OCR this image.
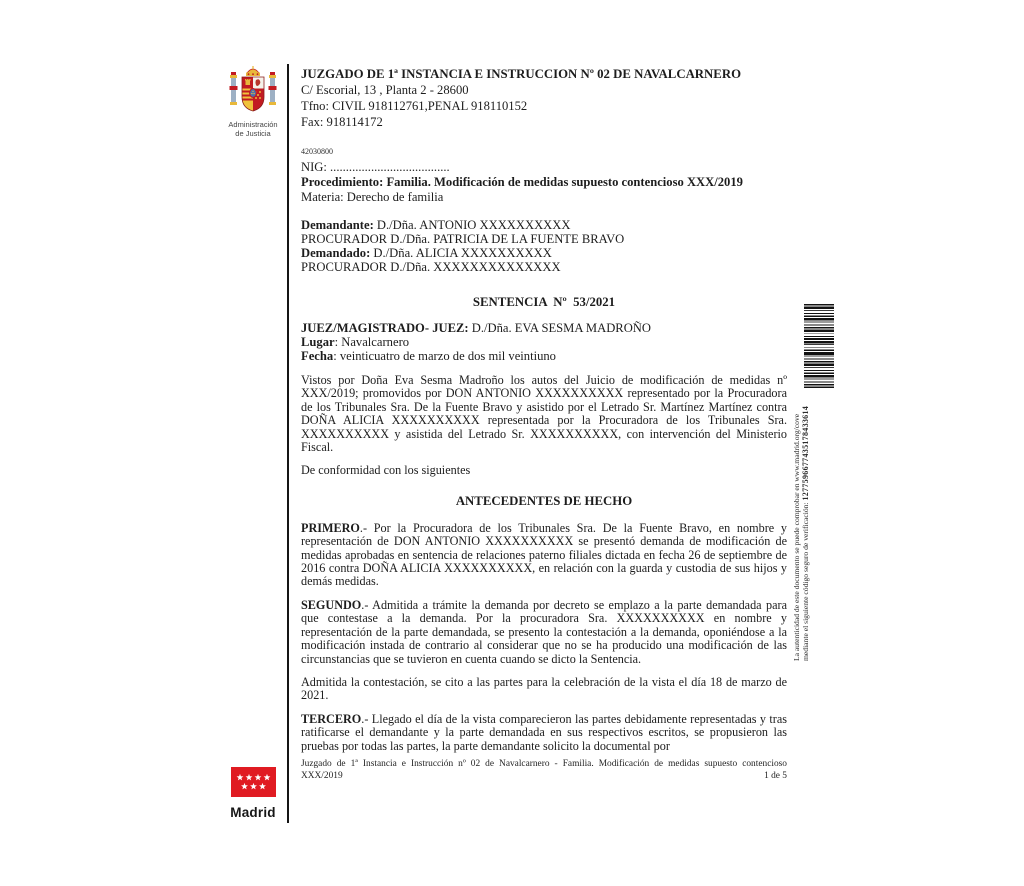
Administración
de Justicia
JUZGADO DE 1ª INSTANCIA E INSTRUCCION Nº 02 DE NAVALCARNERO
C/ Escorial, 13 , Planta 2 - 28600
Tfno: CIVIL 918112761,PENAL 918110152
Fax: 918114172
42030800
NIG: ......................................
Procedimiento: Familia. Modificación de medidas supuesto contencioso XXX/2019
Materia: Derecho de familia
Demandante: D./Dña. ANTONIO XXXXXXXXXX
PROCURADOR D./Dña. PATRICIA DE LA FUENTE BRAVO
Demandado: D./Dña. ALICIA XXXXXXXXXX
PROCURADOR D./Dña. XXXXXXXXXXXXXX
SENTENCIA  Nº  53/2021
JUEZ/MAGISTRADO- JUEZ: D./Dña. EVA SESMA MADROÑO
Lugar: Navalcarnero
Fecha: veinticuatro de marzo de dos mil veintiuno

Vistos por Doña Eva Sesma Madroño los autos del Juicio de modificación de medidas nº XXX/2019; promovidos por DON ANTONIO XXXXXXXXXX representado por la Procuradora de los Tribunales Sra. De la Fuente Bravo y asistido por el Letrado Sr. Martínez Martínez contra DOÑA ALICIA XXXXXXXXXX representada por la Procuradora de los Tribunales Sra. XXXXXXXXXX y asistida del Letrado Sr. XXXXXXXXXX, con intervención del Ministerio Fiscal.

De conformidad con los siguientes

ANTECEDENTES DE HECHO

PRIMERO.- Por la Procuradora de los Tribunales Sra. De la Fuente Bravo, en nombre y representación de DON ANTONIO XXXXXXXXXX se presentó demanda de modificación de medidas aprobadas en sentencia de relaciones paterno filiales dictada en fecha 26 de septiembre de 2016 contra DOÑA ALICIA XXXXXXXXXX, en relación con la guarda y custodia de sus hijos y demás medidas.

SEGUNDO.- Admitida a trámite la demanda por decreto se emplazo a la parte demandada para que contestase a la demanda. Por la procuradora Sra. XXXXXXXXXX en nombre y representación de la parte demandada, se presento la contestación a la demanda, oponiéndose a la modificación instada de contrario al considerar que no se ha producido una modificación de las circunstancias que se tuvieron en cuenta cuando se dicto la Sentencia.

Admitida la contestación, se cito a las partes para la celebración de la vista el día 18 de marzo de 2021.

TERCERO.- Llegado el día de la vista comparecieron las partes debidamente representadas y tras ratificarse el demandante y la parte demandada en sus respectivos escritos, se propusieron las pruebas por todas las partes, la parte demandante solicito la documental por

Juzgado de 1ª Instancia e Instrucción nº 02 de Navalcarnero - Familia. Modificación de medidas supuesto contencioso
XXX/2019	1 de 5
Madrid
La autenticidad de este documento se puede comprobar en www.madrid.org/cove mediante el siguiente código seguro de verificación: 1277596677435178433614
